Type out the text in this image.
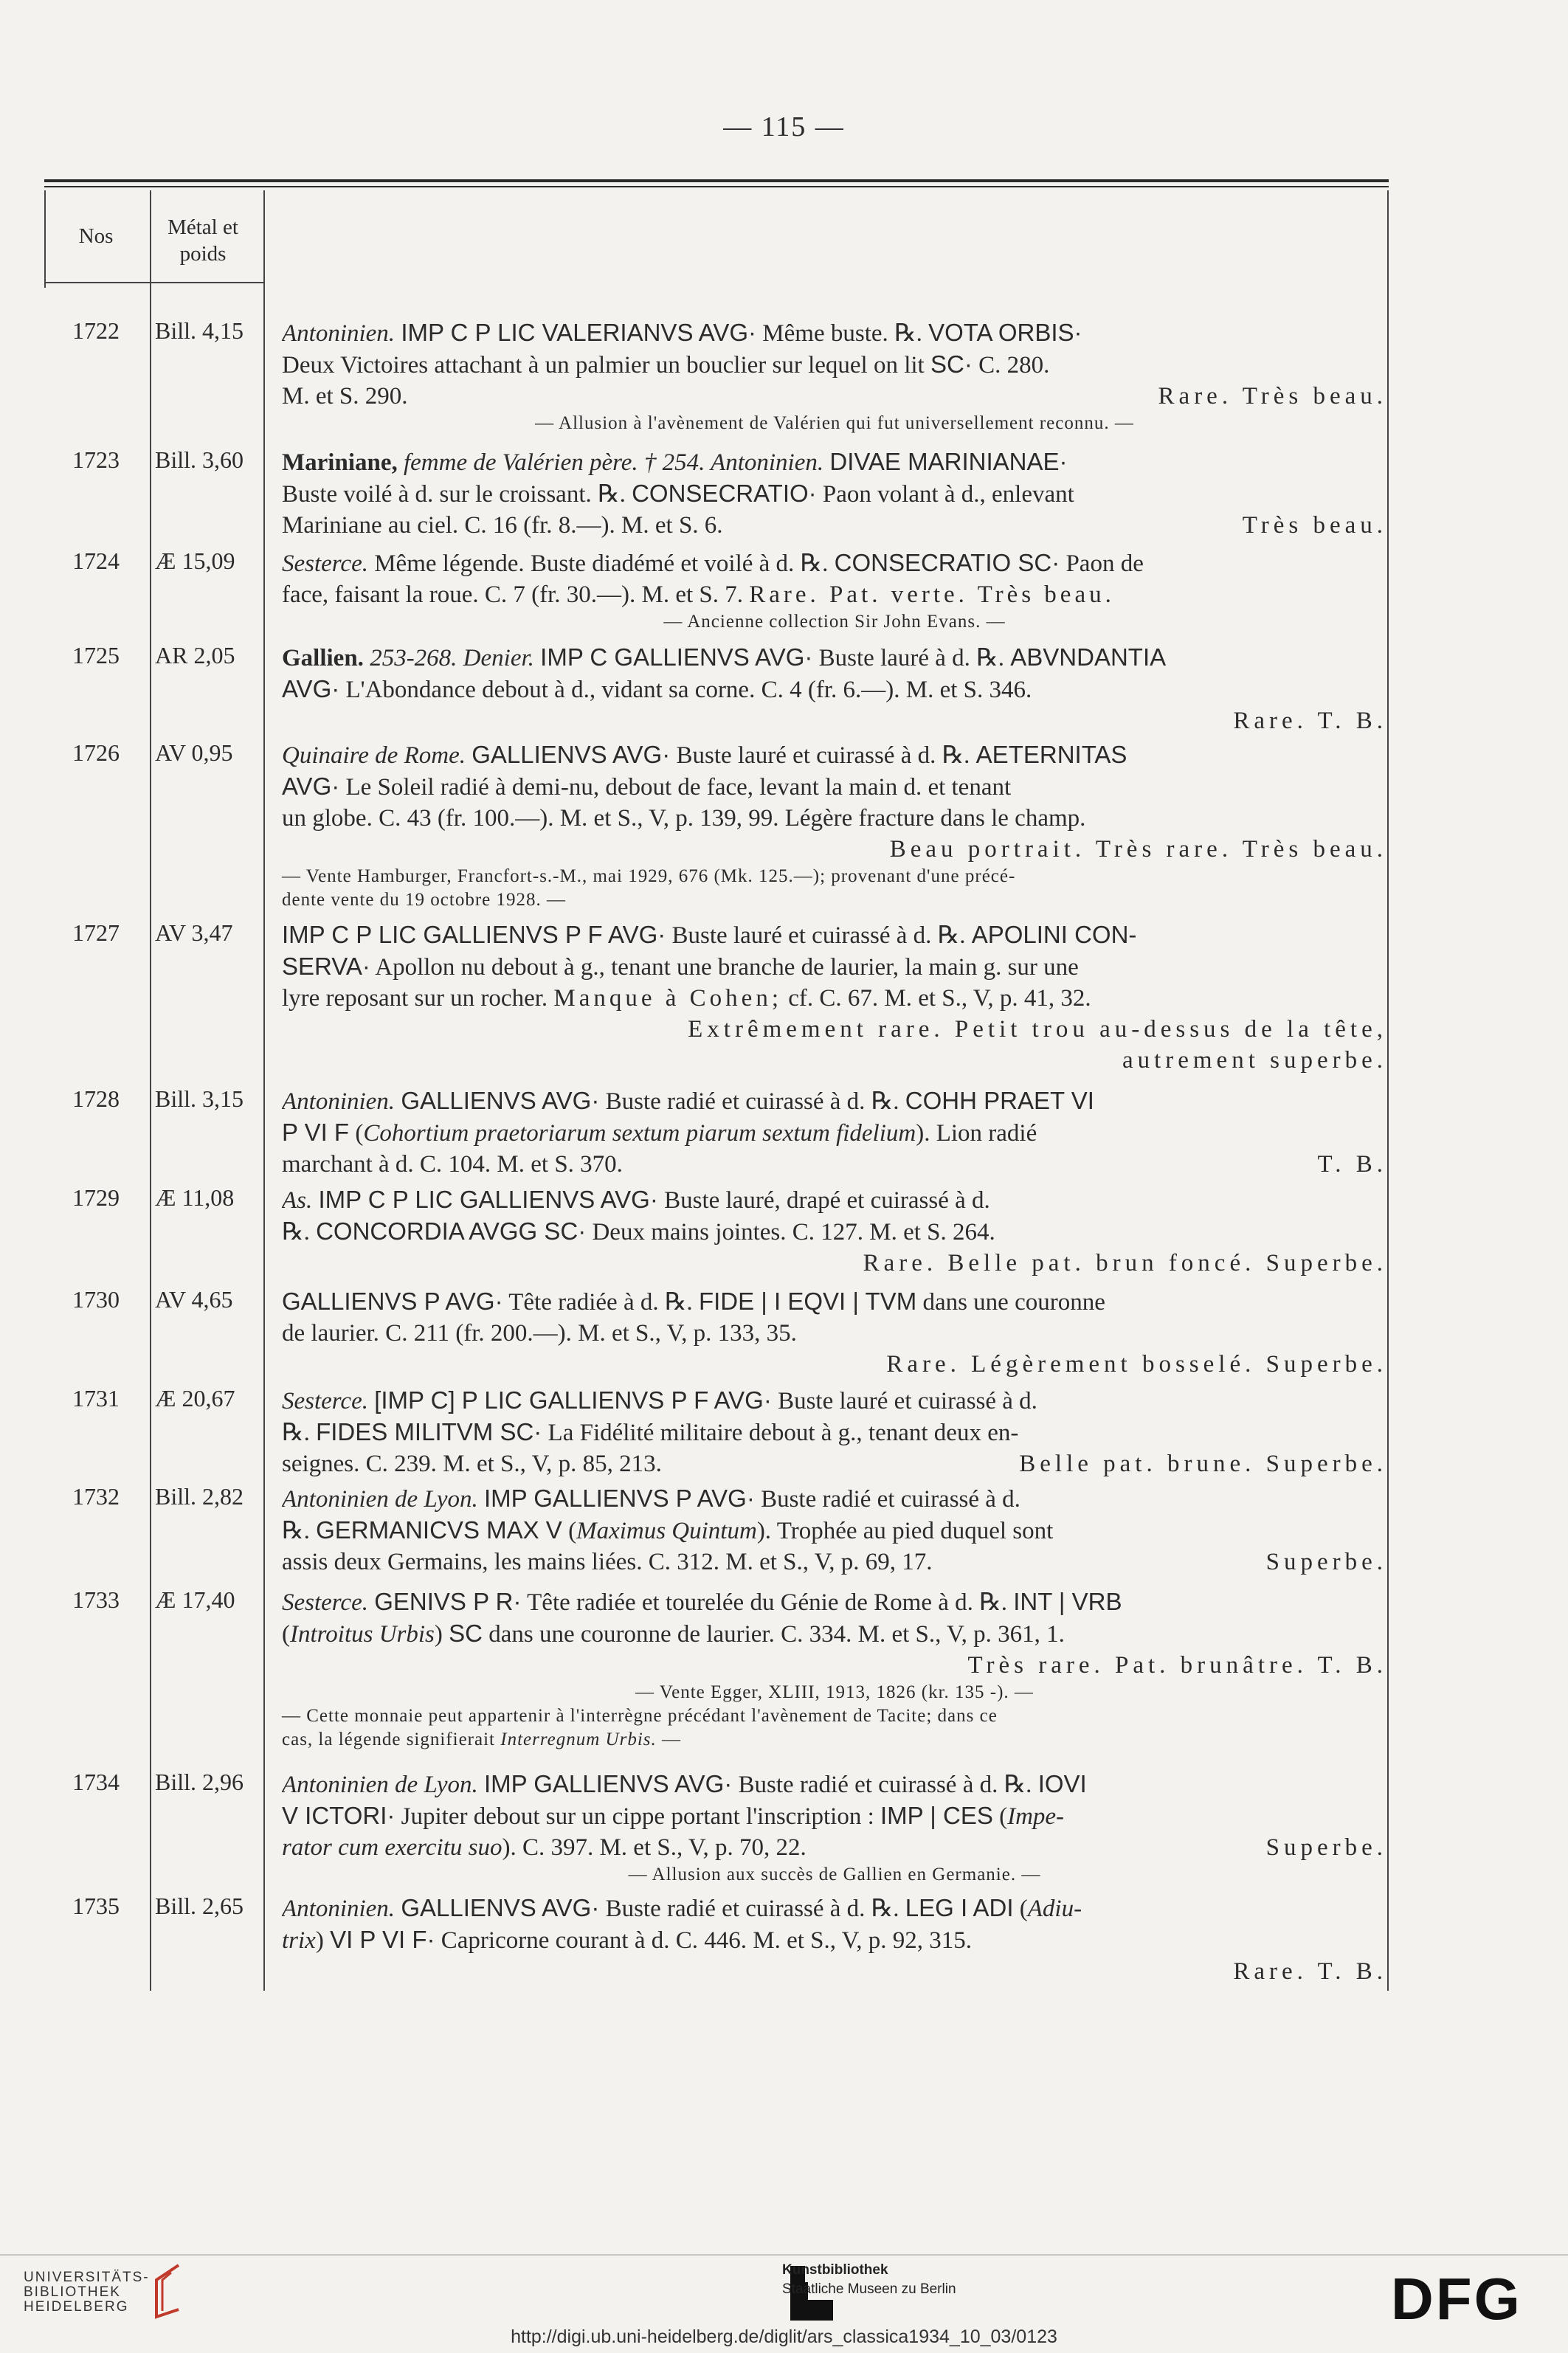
— 115 —
Nos	Métal et
poids
1722	Bill. 4,15	Antoninien. IMP C P LIC VALERIANVS AVG· Même buste. ℞. VOTA ORBIS·

Deux Victoires attachant à un palmier un bouclier sur lequel on lit SC· C. 280.

M. et S. 290.	Rare. Très beau.

— Allusion à l'avènement de Valérien qui fut universellement reconnu. —
1723	Bill. 3,60	Mariniane, femme de Valérien père. † 254. Antoninien. DIVAE MARINIANAE·

Buste voilé à d. sur le croissant. ℞. CONSECRATIO· Paon volant à d., enlevant

Mariniane au ciel. C. 16 (fr. 8.—). M. et S. 6.	Très beau.

1724	Æ 15,09	Sesterce. Même légende. Buste diadémé et voilé à d. ℞. CONSECRATIO SC· Paon de

face, faisant la roue. C. 7 (fr. 30.—). M. et S. 7. Rare. Pat. verte. Très beau.

— Ancienne collection Sir John Evans. —
1725	AR 2,05	Gallien. 253-268. Denier. IMP C GALLIENVS AVG· Buste lauré à d. ℞. ABVNDANTIA

AVG· L'Abondance debout à d., vidant sa corne. C. 4 (fr. 6.—). M. et S. 346.

Rare. T. B.

1726	AV 0,95	Quinaire de Rome. GALLIENVS AVG· Buste lauré et cuirassé à d. ℞. AETERNITAS

AVG· Le Soleil radié à demi-nu, debout de face, levant la main d. et tenant

un globe. C. 43 (fr. 100.—). M. et S., V, p. 139, 99. Légère fracture dans le champ.

Beau portrait. Très rare. Très beau.

— Vente Hamburger, Francfort-s.-M., mai 1929, 676 (Mk. 125.—); provenant d'une précé-
dente vente du 19 octobre 1928. —
1727	AV 3,47	IMP C P LIC GALLIENVS P F AVG· Buste lauré et cuirassé à d. ℞. APOLINI CON-

SERVA· Apollon nu debout à g., tenant une branche de laurier, la main g. sur une

lyre reposant sur un rocher. Manque à Cohen; cf. C. 67. M. et S., V, p. 41, 32.

Extrêmement rare. Petit trou au-dessus de la tête,

autrement superbe.

1728	Bill. 3,15	Antoninien. GALLIENVS AVG· Buste radié et cuirassé à d. ℞. COHH PRAET VI

P VI F (Cohortium praetoriarum sextum piarum sextum fidelium). Lion radié

marchant à d. C. 104. M. et S. 370.	T. B.

1729	Æ 11,08	As. IMP C P LIC GALLIENVS AVG· Buste lauré, drapé et cuirassé à d.

℞. CONCORDIA AVGG SC· Deux mains jointes. C. 127. M. et S. 264.

Rare. Belle pat. brun foncé. Superbe.

1730	AV 4,65	GALLIENVS P AVG· Tête radiée à d. ℞. FIDE | I EQVI | TVM dans une couronne

de laurier. C. 211 (fr. 200.—). M. et S., V, p. 133, 35.

Rare. Légèrement bosselé. Superbe.

1731	Æ 20,67	Sesterce. [IMP C] P LIC GALLIENVS P F AVG· Buste lauré et cuirassé à d.

℞. FIDES MILITVM SC· La Fidélité militaire debout à g., tenant deux en-

seignes. C. 239. M. et S., V, p. 85, 213.	Belle pat. brune. Superbe.

1732	Bill. 2,82	Antoninien de Lyon. IMP GALLIENVS P AVG· Buste radié et cuirassé à d.

℞. GERMANICVS MAX V (Maximus Quintum). Trophée au pied duquel sont

assis deux Germains, les mains liées. C. 312. M. et S., V, p. 69, 17.	Superbe.

1733	Æ 17,40	Sesterce. GENIVS P R· Tête radiée et tourelée du Génie de Rome à d. ℞. INT | VRB

(Introitus Urbis) SC dans une couronne de laurier. C. 334. M. et S., V, p. 361, 1.

Très rare. Pat. brunâtre. T. B.

— Vente Egger, XLIII, 1913, 1826 (kr. 135 -). —
— Cette monnaie peut appartenir à l'interrègne précédant l'avènement de Tacite; dans ce
cas, la légende signifierait Interregnum Urbis. —
1734	Bill. 2,96	Antoninien de Lyon. IMP GALLIENVS AVG· Buste radié et cuirassé à d. ℞. IOVI

V ICTORI· Jupiter debout sur un cippe portant l'inscription : IMP | CES (Impe-

rator cum exercitu suo). C. 397. M. et S., V, p. 70, 22.	Superbe.

— Allusion aux succès de Gallien en Germanie. —
1735	Bill. 2,65	Antoninien. GALLIENVS AVG· Buste radié et cuirassé à d. ℞. LEG I ADI (Adiu-

trix) VI P VI F· Capricorne courant à d. C. 446. M. et S., V, p. 92, 315.

Rare. T. B.

UNIVERSITÄTS-
BIBLIOTHEK
HEIDELBERG
Kunstbibliothek
Staatliche Museen zu Berlin	DFG
http://digi.ub.uni-heidelberg.de/diglit/ars_classica1934_10_03/0123
